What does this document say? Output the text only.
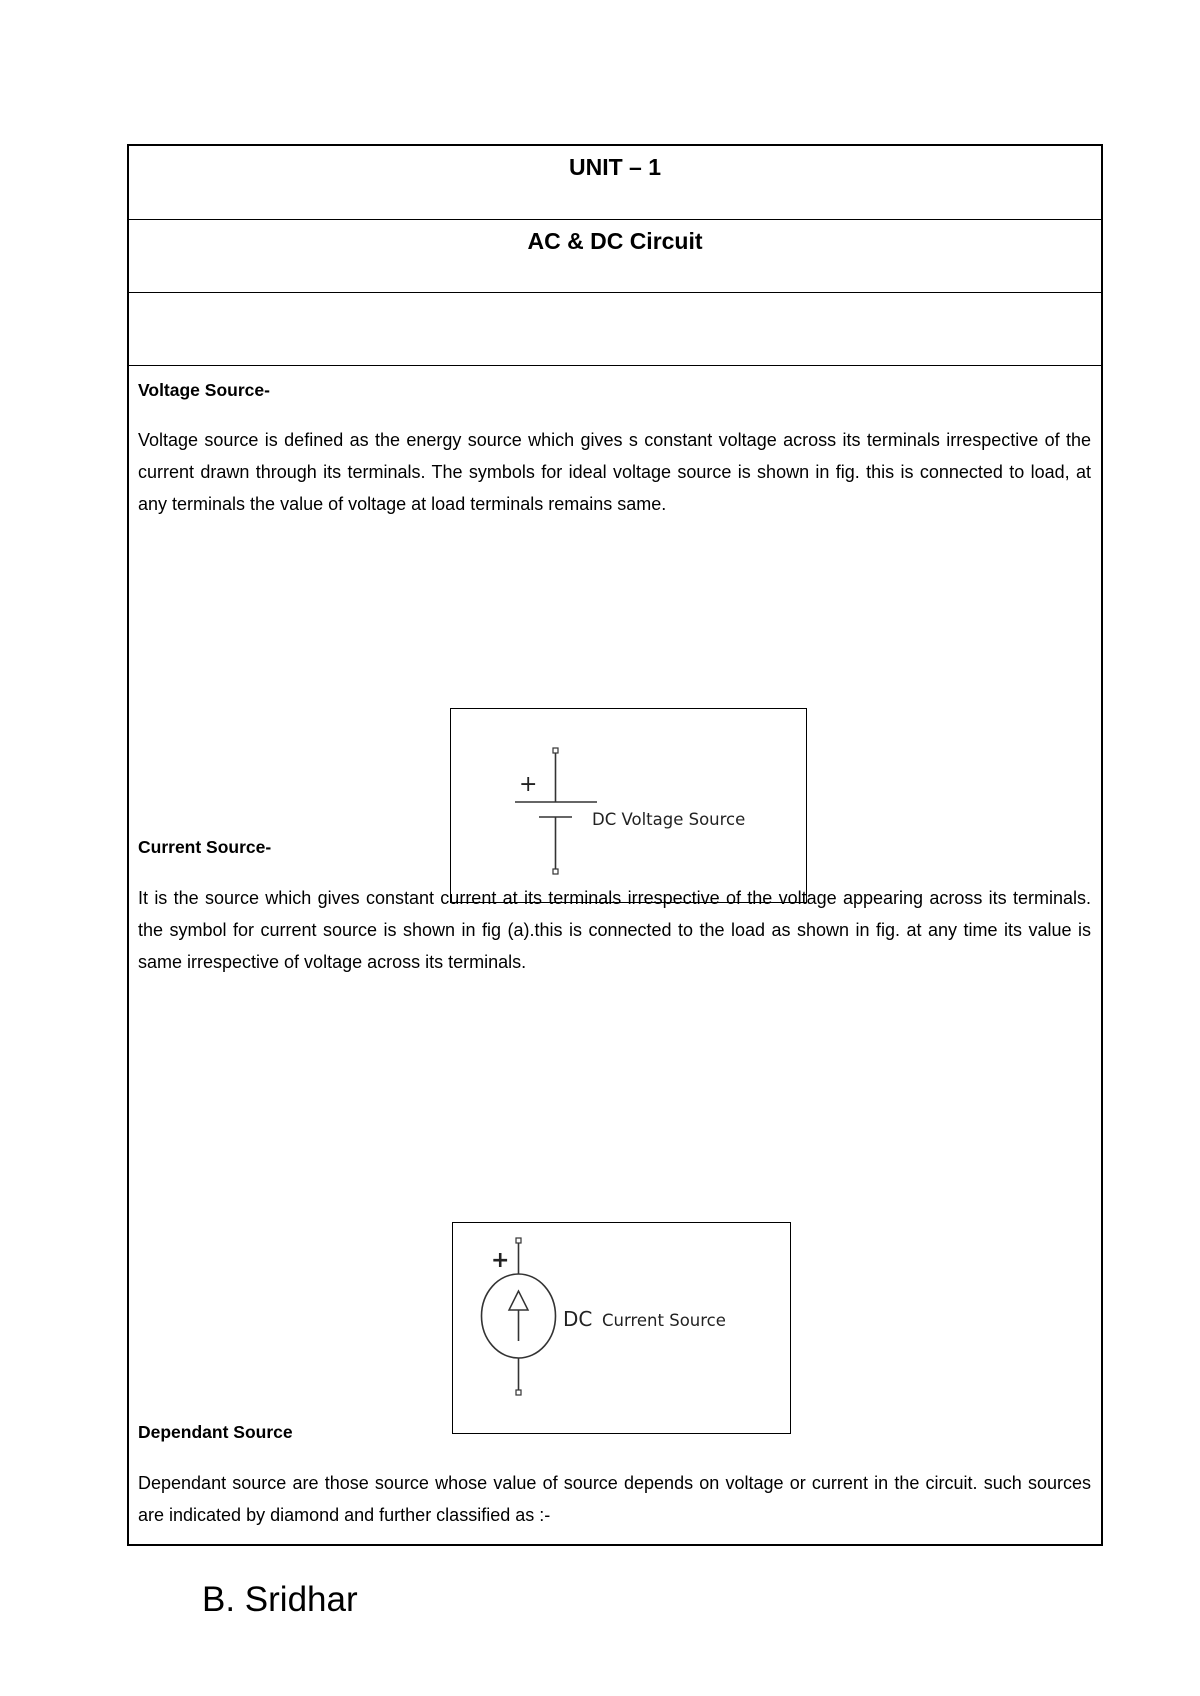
UNIT – 1
AC & DC Circuit
Voltage Source-
Voltage source is defined as the energy source which gives s constant voltage across its terminals irrespective of the current drawn through its terminals. The symbols for ideal voltage source is shown in fig. this is connected to load, at any terminals the value of voltage at load terminals remains same.
+
DC Voltage Source
Current Source-
It is the source which gives constant current at its terminals irrespective of the voltage appearing across its terminals. the symbol for current source is shown in fig (a).this is connected to the load as shown in fig. at any time its value is same irrespective of voltage across its terminals.
+
DC Current Source
Dependant Source
Dependant source are those source whose value of source depends on voltage or current in the circuit. such sources are indicated by diamond and further classified as :-
B. Sridhar
